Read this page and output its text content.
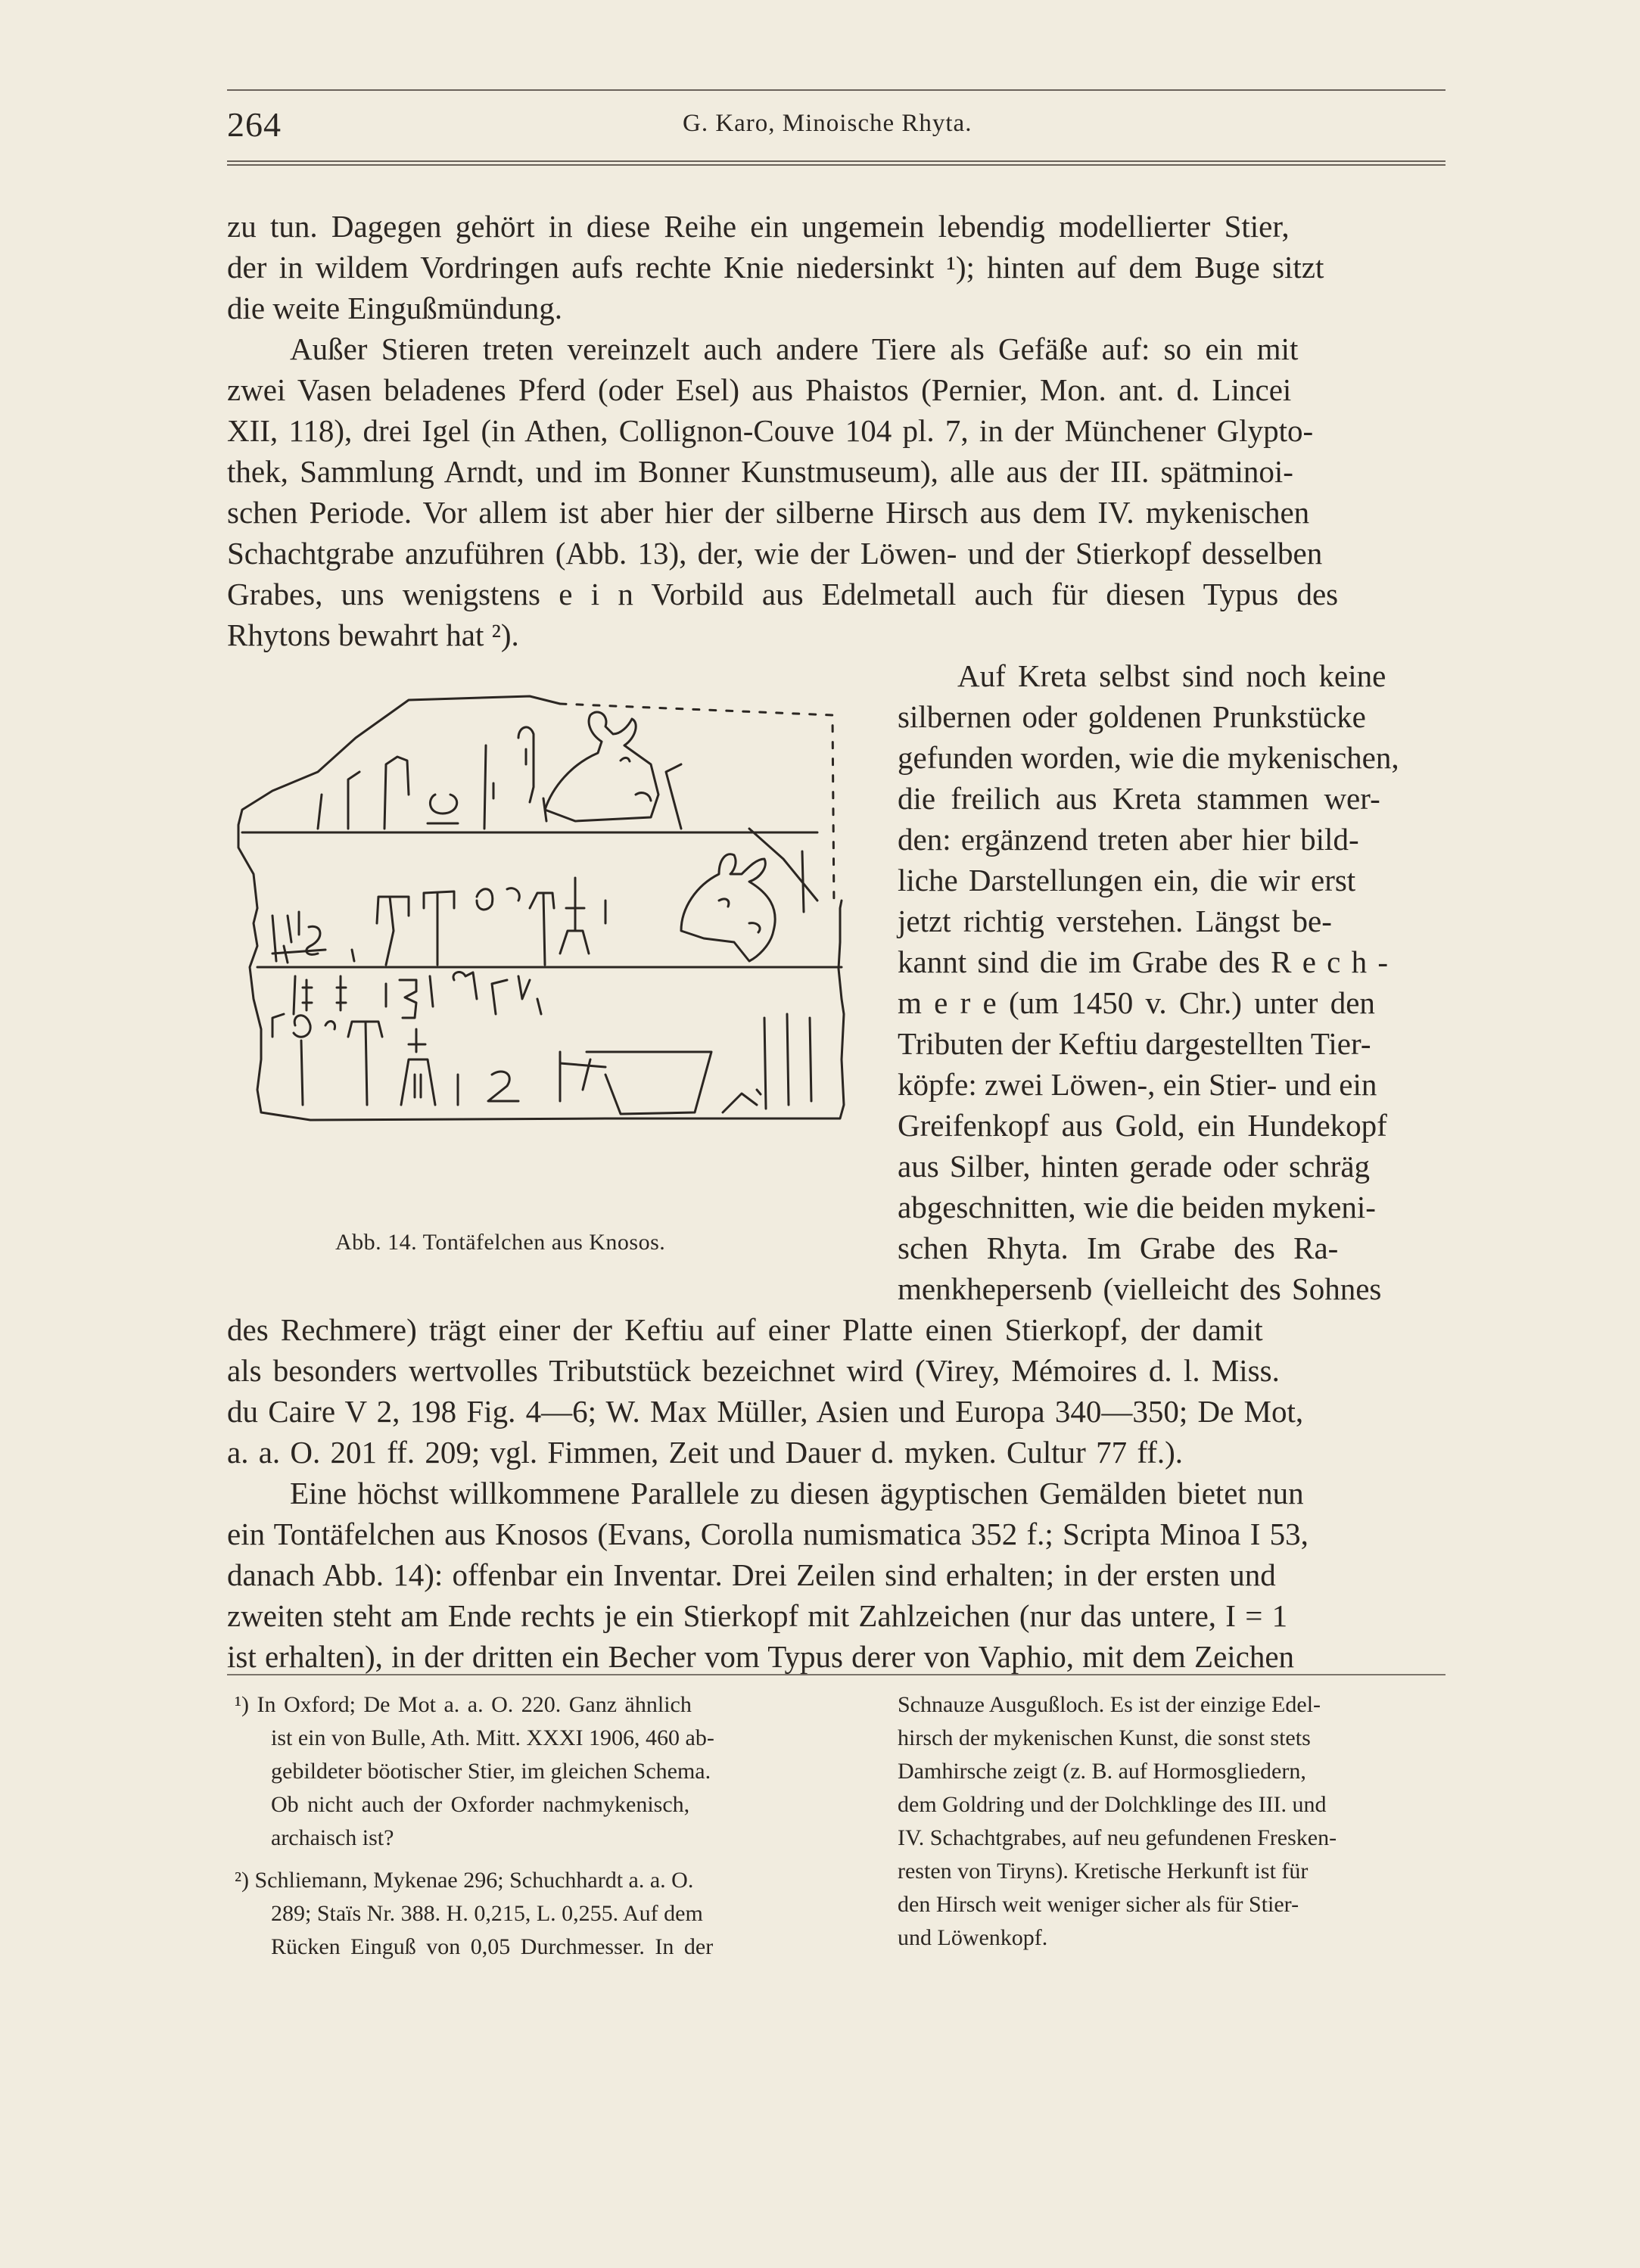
264	G. Karo, Minoische Rhyta.
zu tun. Dagegen gehört in diese Reihe ein ungemein lebendig modellierter Stier,
der in wildem Vordringen aufs rechte Knie niedersinkt ¹); hinten auf dem Buge sitzt
die weite Eingußmündung.
Außer Stieren treten vereinzelt auch andere Tiere als Gefäße auf: so ein mit
zwei Vasen beladenes Pferd (oder Esel) aus Phaistos (Pernier, Mon. ant. d. Lincei
XII, 118), drei Igel (in Athen, Collignon-Couve 104 pl. 7, in der Münchener Glypto-
thek, Sammlung Arndt, und im Bonner Kunstmuseum), alle aus der III. spätminoi-
schen Periode. Vor allem ist aber hier der silberne Hirsch aus dem IV. mykenischen
Schachtgrabe anzuführen (Abb. 13), der, wie der Löwen- und der Stierkopf desselben
Grabes, uns wenigstens e i n Vorbild aus Edelmetall auch für diesen Typus des
Rhytons bewahrt hat ²).
Abb. 14. Tontäfelchen aus Knosos.
Auf Kreta selbst sind noch keine
silbernen oder goldenen Prunkstücke
gefunden worden, wie die mykenischen,
die freilich aus Kreta stammen wer-
den: ergänzend treten aber hier bild-
liche Darstellungen ein, die wir erst
jetzt richtig verstehen. Längst be-
kannt sind die im Grabe des R e c h -
m e r e (um 1450 v. Chr.) unter den
Tributen der Keftiu dargestellten Tier-
köpfe: zwei Löwen-, ein Stier- und ein
Greifenkopf aus Gold, ein Hundekopf
aus Silber, hinten gerade oder schräg
abgeschnitten, wie die beiden mykeni-
schen Rhyta. Im Grabe des Ra-
menkhepersenb (vielleicht des Sohnes
des Rechmere) trägt einer der Keftiu auf einer Platte einen Stierkopf, der damit
als besonders wertvolles Tributstück bezeichnet wird (Virey, Mémoires d. l. Miss.
du Caire V 2, 198 Fig. 4—6; W. Max Müller, Asien und Europa 340—350; De Mot,
a. a. O. 201 ff. 209; vgl. Fimmen, Zeit und Dauer d. myken. Cultur 77 ff.).
Eine höchst willkommene Parallele zu diesen ägyptischen Gemälden bietet nun
ein Tontäfelchen aus Knosos (Evans, Corolla numismatica 352 f.; Scripta Minoa I 53,
danach Abb. 14): offenbar ein Inventar. Drei Zeilen sind erhalten; in der ersten und
zweiten steht am Ende rechts je ein Stierkopf mit Zahlzeichen (nur das untere, I = 1
ist erhalten), in der dritten ein Becher vom Typus derer von Vaphio, mit dem Zeichen
¹) In Oxford; De Mot a. a. O. 220. Ganz ähnlich
ist ein von Bulle, Ath. Mitt. XXXI 1906, 460 ab-
gebildeter böotischer Stier, im gleichen Schema.
Ob nicht auch der Oxforder nachmykenisch,
archaisch ist?
²) Schliemann, Mykenae 296; Schuchhardt a. a. O.
289; Staïs Nr. 388. H. 0,215, L. 0,255. Auf dem
Rücken Einguß von 0,05 Durchmesser. In der
Schnauze Ausgußloch. Es ist der einzige Edel-
hirsch der mykenischen Kunst, die sonst stets
Damhirsche zeigt (z. B. auf Hormosgliedern,
dem Goldring und der Dolchklinge des III. und
IV. Schachtgrabes, auf neu gefundenen Fresken-
resten von Tiryns). Kretische Herkunft ist für
den Hirsch weit weniger sicher als für Stier-
und Löwenkopf.
